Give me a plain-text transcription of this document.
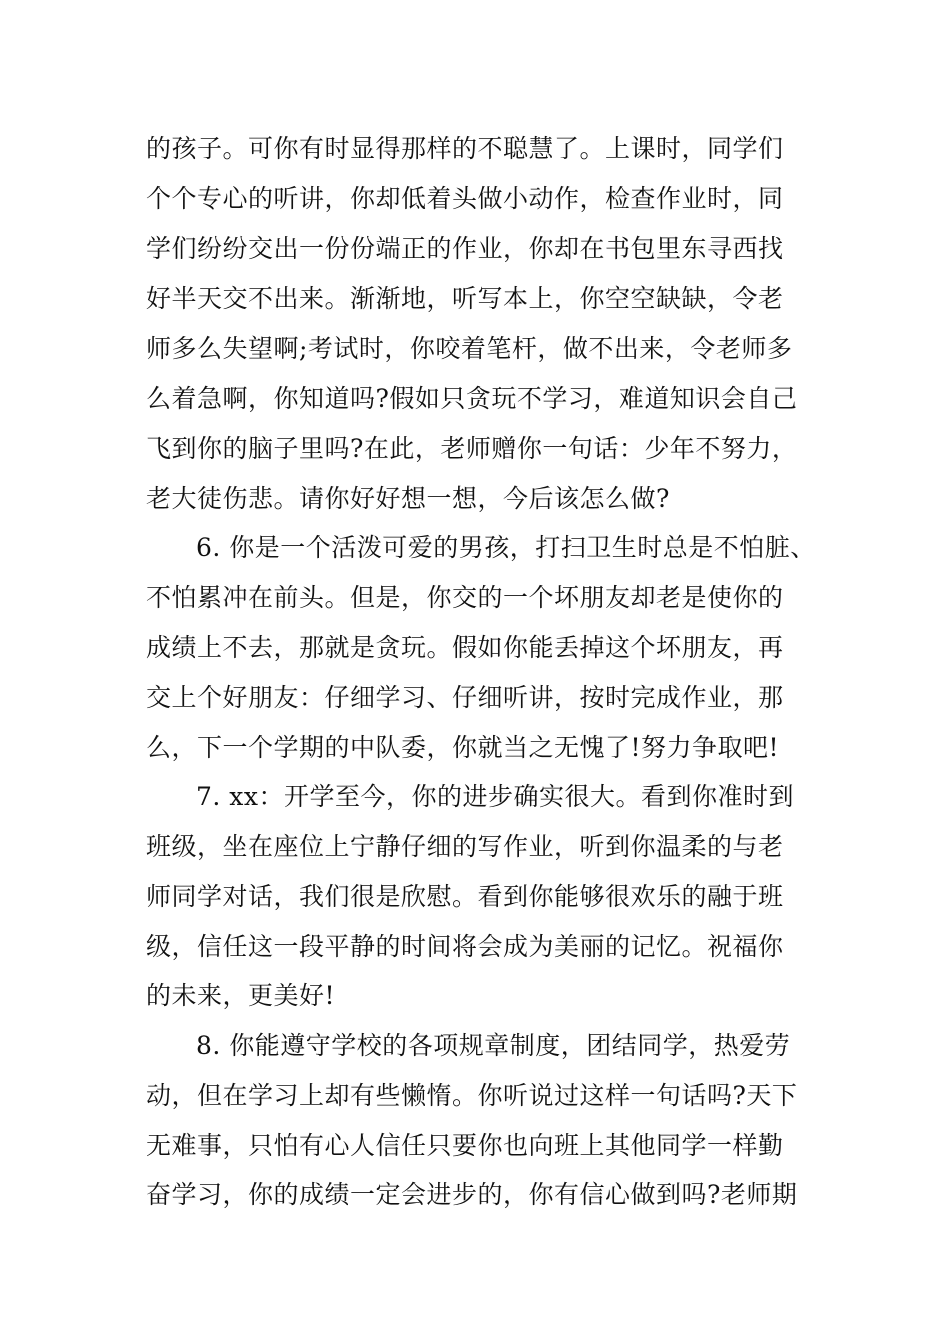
的孩子。可你有时显得那样的不聪慧了。上课时，同学们
个个专心的听讲，你却低着头做小动作，检查作业时，同
学们纷纷交出一份份端正的作业，你却在书包里东寻西找
好半天交不出来。渐渐地，听写本上，你空空缺缺，令老
师多么失望啊;考试时，你咬着笔杆，做不出来，令老师多
么着急啊，你知道吗?假如只贪玩不学习，难道知识会自己
飞到你的脑子里吗?在此，老师赠你一句话：少年不努力，
老大徒伤悲。请你好好想一想，今后该怎么做?
6. 你是一个活泼可爱的男孩，打扫卫生时总是不怕脏、
不怕累冲在前头。但是，你交的一个坏朋友却老是使你的
成绩上不去，那就是贪玩。假如你能丢掉这个坏朋友，再
交上个好朋友：仔细学习、仔细听讲，按时完成作业，那
么，下一个学期的中队委，你就当之无愧了!努力争取吧!
7. xx：开学至今，你的进步确实很大。看到你准时到
班级，坐在座位上宁静仔细的写作业，听到你温柔的与老
师同学对话，我们很是欣慰。看到你能够很欢乐的融于班
级，信任这一段平静的时间将会成为美丽的记忆。祝福你
的未来，更美好!
8. 你能遵守学校的各项规章制度，团结同学，热爱劳
动，但在学习上却有些懒惰。你听说过这样一句话吗?天下
无难事，只怕有心人信任只要你也向班上其他同学一样勤
奋学习，你的成绩一定会进步的，你有信心做到吗?老师期
